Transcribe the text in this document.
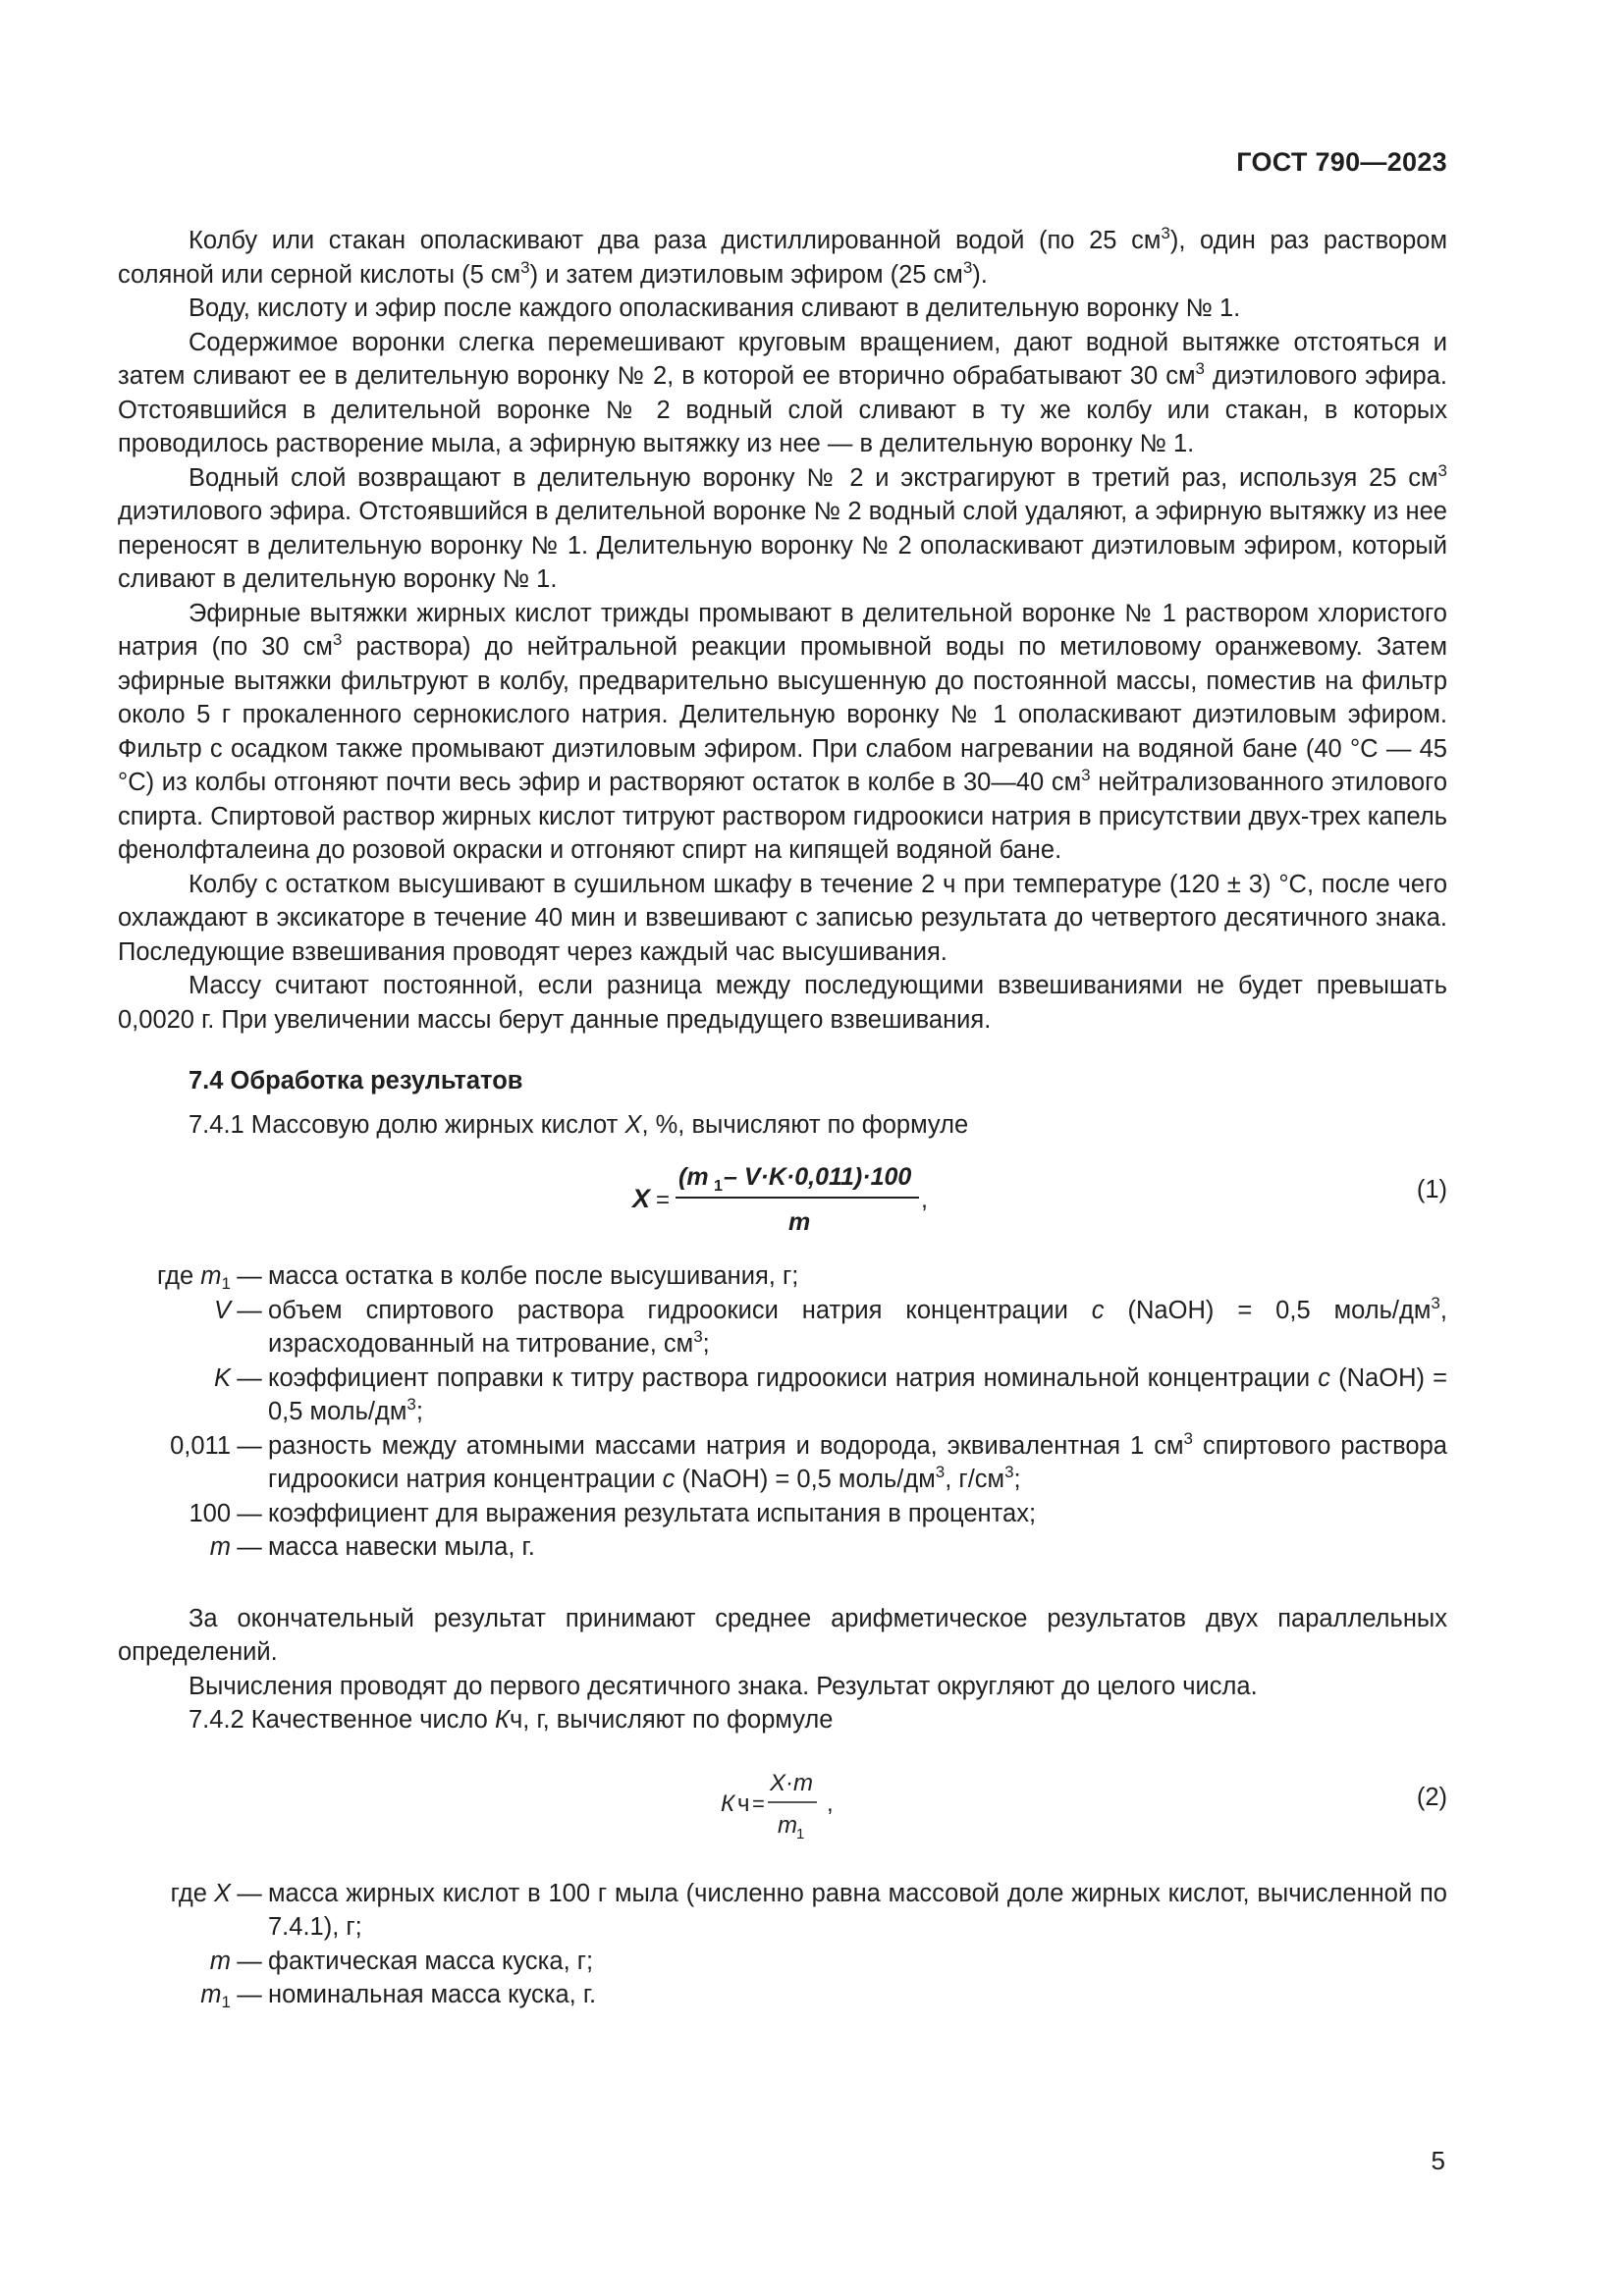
ГОСТ 790—2023

Колбу или стакан ополаскивают два раза дистиллированной водой (по 25 $см^3$), один раз раствором соляной или серной кислоты (5 $см^3$) и затем диэтиловым эфиром (25 $см^3$).

Воду, кислоту и эфир после каждого ополаскивания сливают в делительную воронку № 1.

Содержимое воронки слегка перемешивают круговым вращением, дают водной вытяжке отстояться и затем сливают ее в делительную воронку № 2, в которой ее вторично обрабатывают 30 $см^3$ диэтилового эфира. Отстоявшийся в делительной воронке № 2 водный слой сливают в ту же колбу или стакан, в которых проводилось растворение мыла, а эфирную вытяжку из нее — в делительную воронку № 1.

Водный слой возвращают в делительную воронку № 2 и экстрагируют в третий раз, используя 25 $см^3$ диэтилового эфира. Отстоявшийся в делительной воронке № 2 водный слой удаляют, а эфирную вытяжку из нее переносят в делительную воронку № 1. Делительную воронку № 2 ополаскивают диэтиловым эфиром, который сливают в делительную воронку № 1.

Эфирные вытяжки жирных кислот трижды промывают в делительной воронке № 1 раствором хлористого натрия (по 30 $см^3$ раствора) до нейтральной реакции промывной воды по метиловому оранжевому. Затем эфирные вытяжки фильтруют в колбу, предварительно высушенную до постоянной массы, поместив на фильтр около 5 г прокаленного сернокислого натрия. Делительную воронку № 1 ополаскивают диэтиловым эфиром. Фильтр с осадком также промывают диэтиловым эфиром. При слабом нагревании на водяной бане (40 °С — 45 °С) из колбы отгоняют почти весь эфир и растворяют остаток в колбе в 30—40 $см^3$ нейтрализованного этилового спирта. Спиртовой раствор жирных кислот титруют раствором гидроокиси натрия в присутствии двух-трех капель фенолфталеина до розовой окраски и отгоняют спирт на кипящей водяной бане.

Колбу с остатком высушивают в сушильном шкафу в течение 2 ч при температуре (120 ± 3) °С, после чего охлаждают в эксикаторе в течение 40 мин и взвешивают с записью результата до четвертого десятичного знака. Последующие взвешивания проводят через каждый час высушивания.

Массу считают постоянной, если разница между последующими взвешиваниями не будет превышать 0,0020 г. При увеличении массы берут данные предыдущего взвешивания.

7.4 Обработка результатов

7.4.1 Массовую долю жирных кислот X, %, вычисляют по формуле

X =
(m 1 – V·K·0,011)·100
m
,	(1)
где $m_1$ — масса остатка в колбе после высушивания, г;
V — объем спиртового раствора гидроокиси натрия концентрации c (NaOH) = 0,5 моль/$дм^3$, израсходованный на титрование, $см^3$;
K — коэффициент поправки к титру раствора гидроокиси натрия номинальной концентрации c (NaOH) = 0,5 моль/$дм^3$;
0,011 — разность между атомными массами натрия и водорода, эквивалентная 1 $см^3$ спиртового раствора гидроокиси натрия концентрации c (NaOH) = 0,5 моль/$дм^3$, $г/см^3$;
100 — коэффициент для выражения результата испытания в процентах;
m — масса навески мыла, г.

За окончательный результат принимают среднее арифметическое результатов двух параллельных определений.

Вычисления проводят до первого десятичного знака. Результат округляют до целого числа.

7.4.2 Качественное число Кч, г, вычисляют по формуле

К ч =
X·m
m 1
,	(2)
где X — масса жирных кислот в 100 г мыла (численно равна массовой доле жирных кислот, вычисленной по 7.4.1), г;
m — фактическая масса куска, г;
$m_1$ — номинальная масса куска, г.
5
